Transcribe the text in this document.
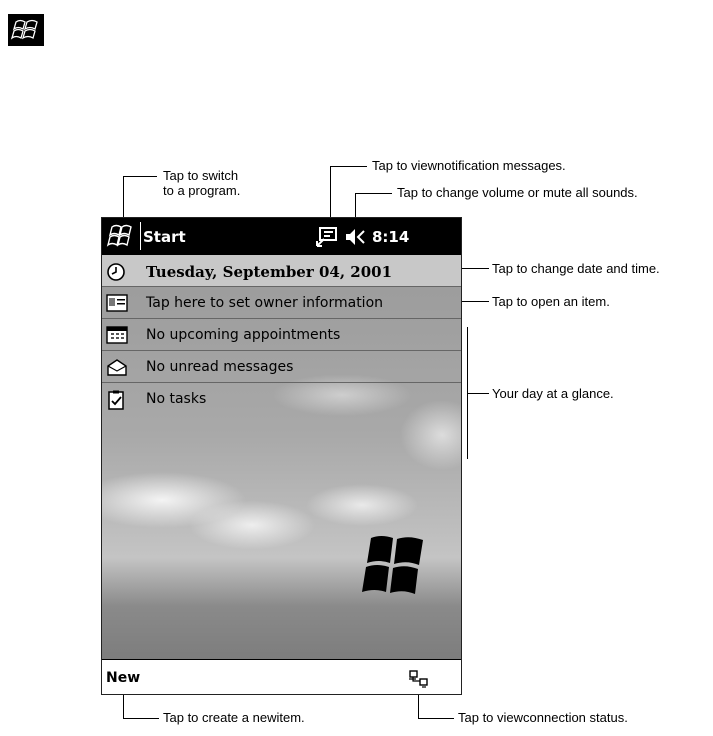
Tap to switch
to a program.
Tap to viewnotification messages.
Tap to change volume or mute all sounds.
Tap to change date and time.
Tap to open an item.
Your day at a glance.
Tap to create a newitem.	Tap to viewconnection status.
Start	8:14
Tuesday, September 04, 2001
Tap here to set owner information
No upcoming appointments
No unread messages
No tasks
New
